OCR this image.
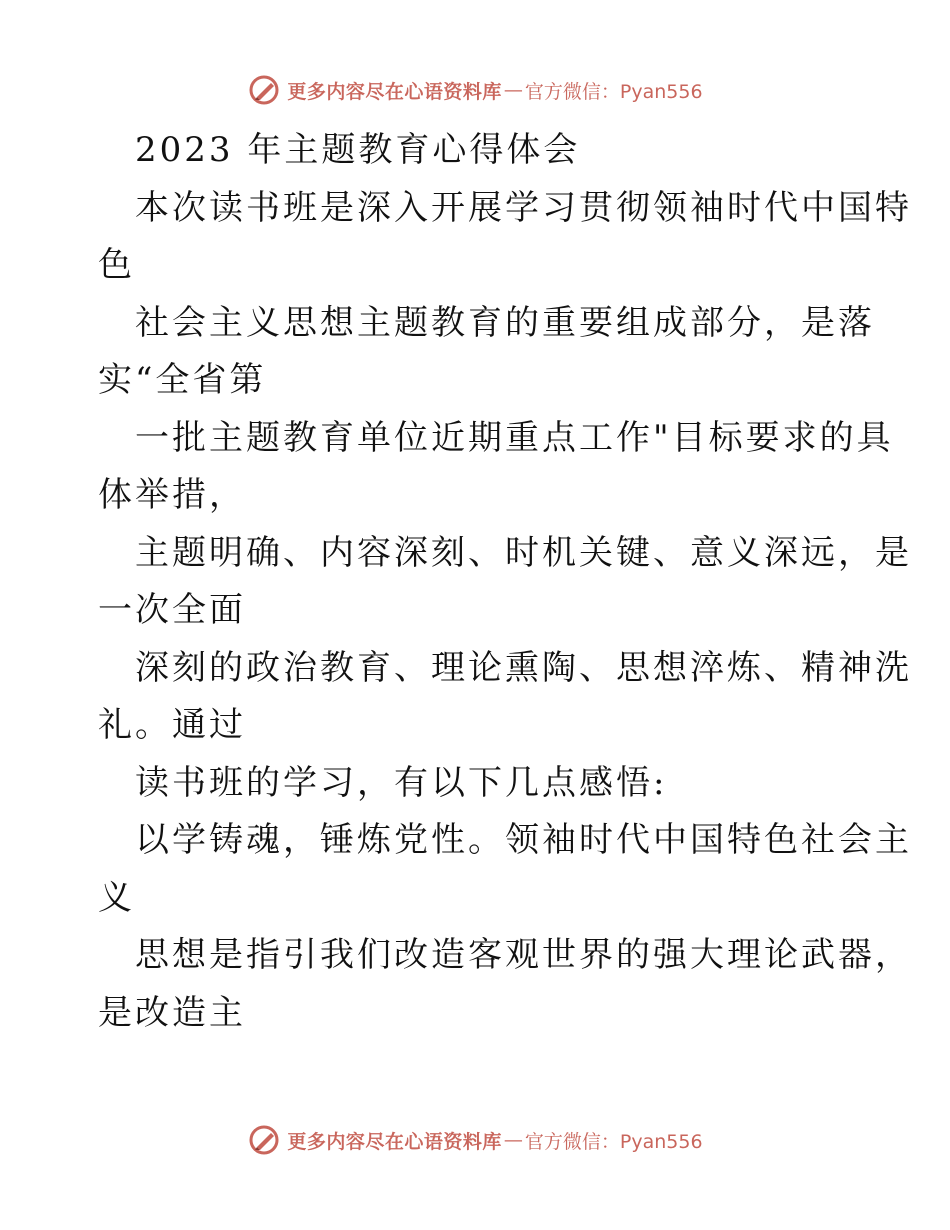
更多内容尽在心语资料库 — 官方微信：Pyan556
2023 年主题教育心得体会
本次读书班是深入开展学习贯彻领袖时代中国特
色
社会主义思想主题教育的重要组成部分，是落
实“全省第
一批主题教育单位近期重点工作"目标要求的具
体举措，
主题明确、内容深刻、时机关键、意义深远，是
一次全面
深刻的政治教育、理论熏陶、思想淬炼、精神洗
礼。通过
读书班的学习，有以下几点感悟:
以学铸魂，锤炼党性。领袖时代中国特色社会主
义
思想是指引我们改造客观世界的强大理论武器，
是改造主
更多内容尽在心语资料库 — 官方微信：Pyan556
